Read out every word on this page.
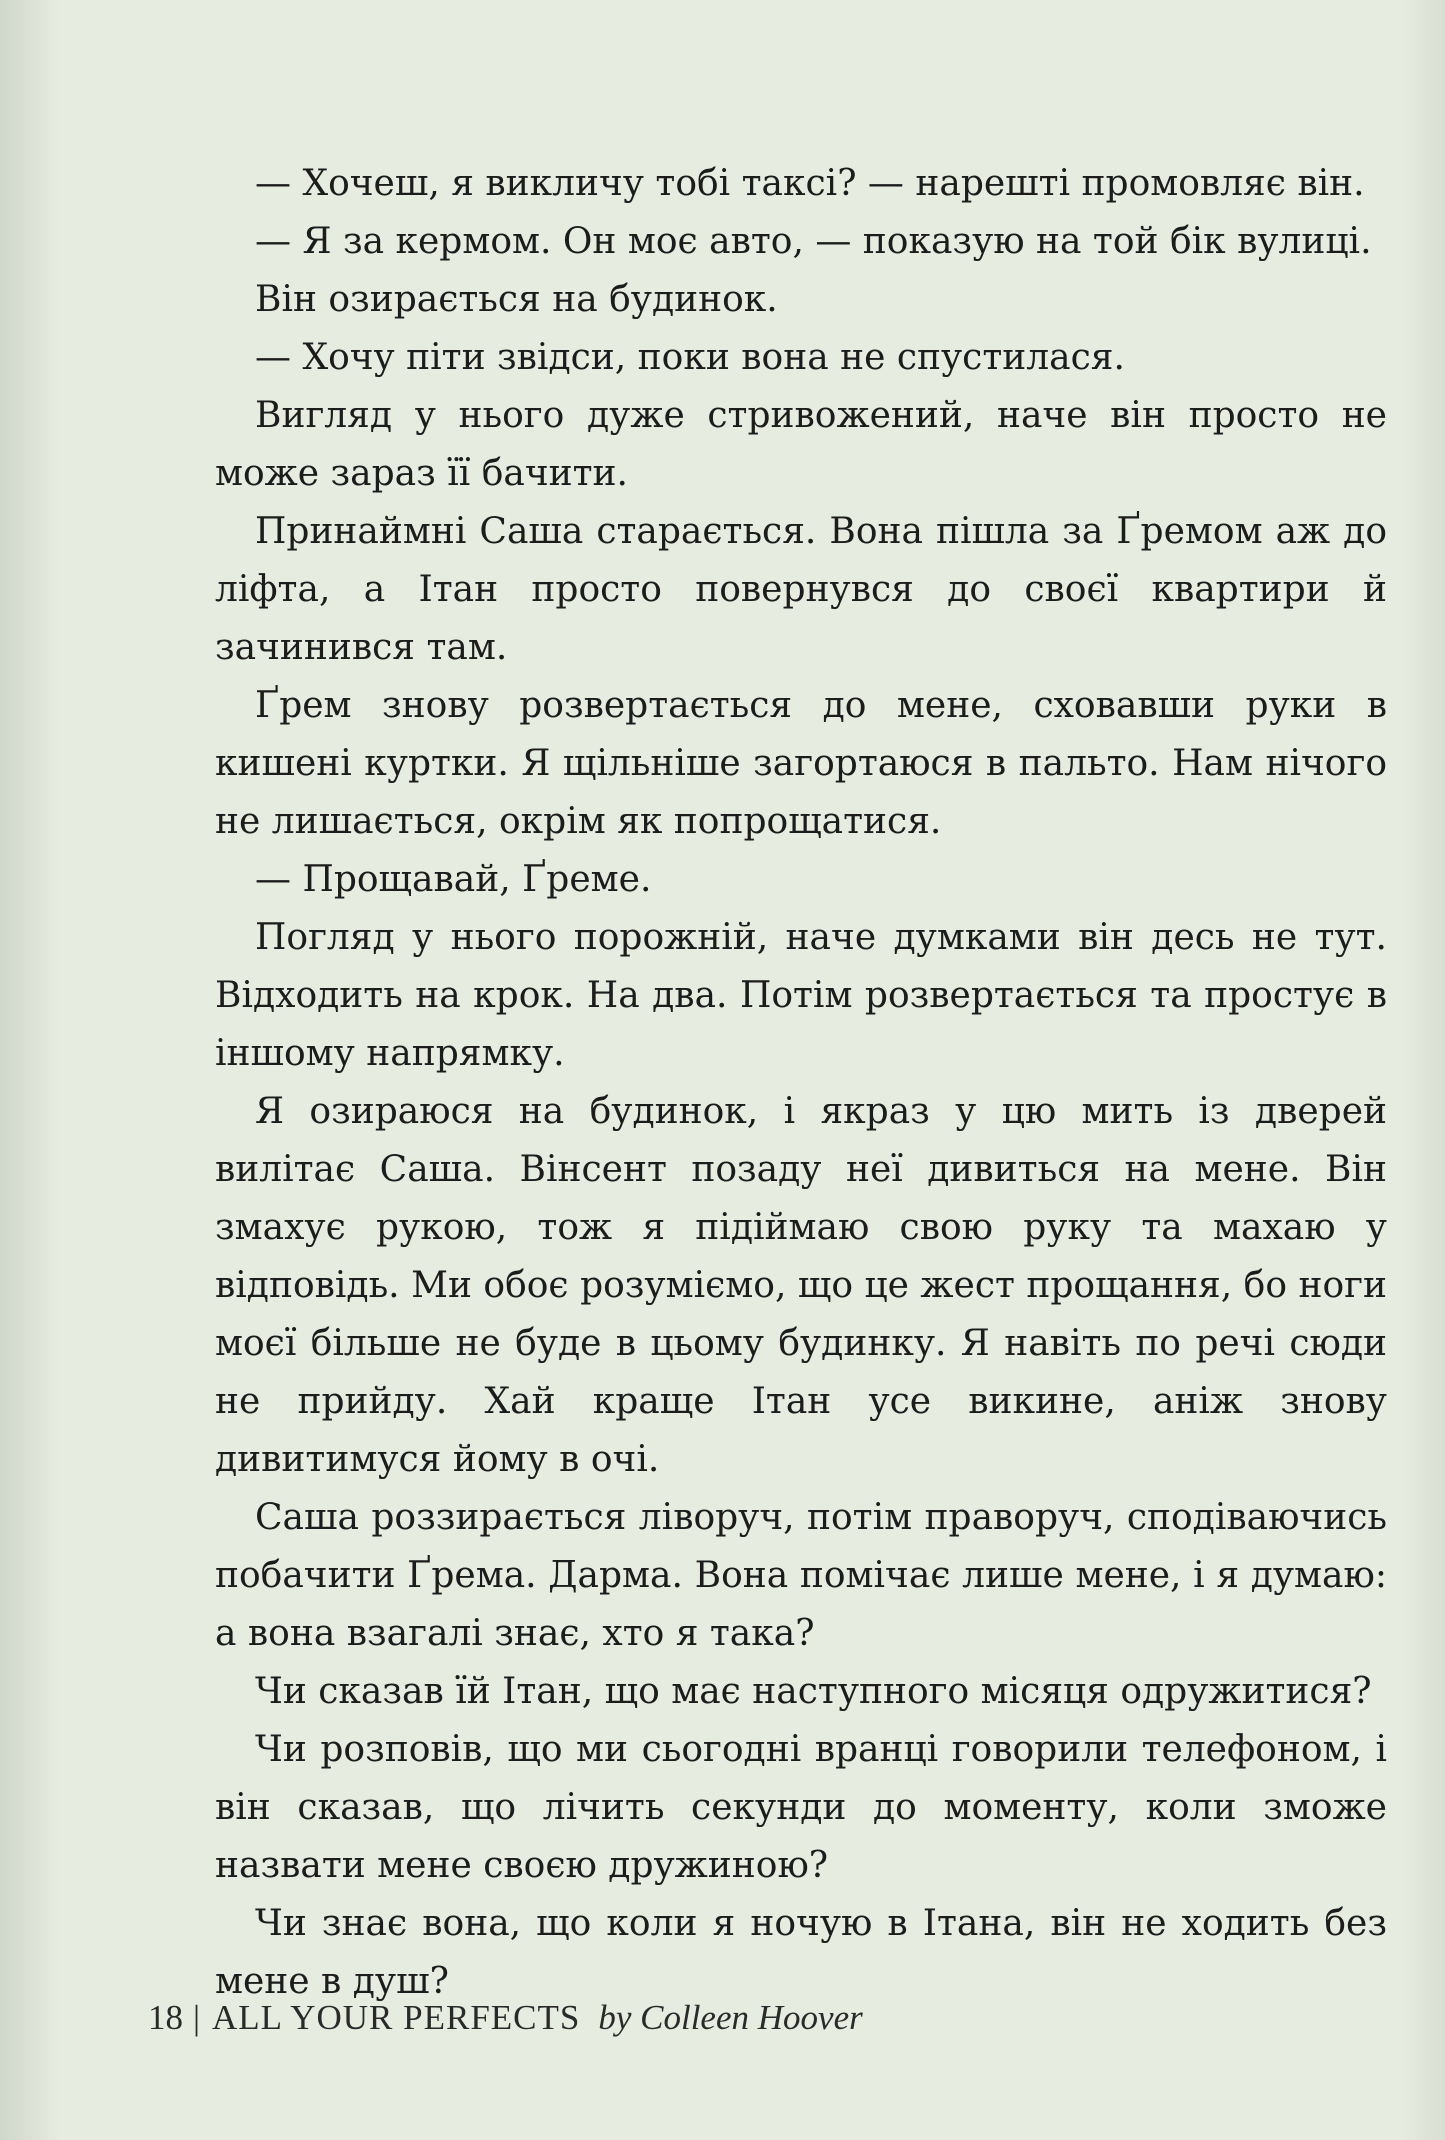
— Хочеш, я викличу тобі таксі? — нарешті промовляє він.

— Я за кермом. Он моє авто, — показую на той бік вулиці.

Він озирається на будинок.

— Хочу піти звідси, поки вона не спустилася.

Вигляд у нього дуже стривожений, наче він просто не може зараз її бачити.

Принаймні Саша старається. Вона пішла за Ґремом аж до ліфта, а Ітан просто повернувся до своєї квартири й зачинився там.

Ґрем знову розвертається до мене, сховавши руки в кишені куртки. Я щільніше загортаюся в пальто. Нам нічого не лишається, окрім як попрощатися.

— Прощавай, Ґреме.

Погляд у нього порожній, наче думками він десь не тут. Відходить на крок. На два. Потім розвертається та простує в іншому напрямку.

Я озираюся на будинок, і якраз у цю мить із дверей вилітає Саша. Вінсент позаду неї дивиться на мене. Він змахує рукою, тож я підіймаю свою руку та махаю у відповідь. Ми обоє розуміємо, що це жест прощання, бо ноги моєї більше не буде в цьому будинку. Я навіть по речі сюди не прийду. Хай краще Ітан усе викине, аніж знову дивитимуся йому в очі.

Саша роззирається ліворуч, потім праворуч, сподіваючись побачити Ґрема. Дарма. Вона помічає лише мене, і я думаю: а вона взагалі знає, хто я така?

Чи сказав їй Ітан, що має наступного місяця одружитися?

Чи розповів, що ми сьогодні вранці говорили телефоном, і він сказав, що лічить секунди до моменту, коли зможе назвати мене своєю дружиною?

Чи знає вона, що коли я ночую в Ітана, він не ходить без мене в душ?

18 | ALL YOUR PERFECTS by Colleen Hoover
